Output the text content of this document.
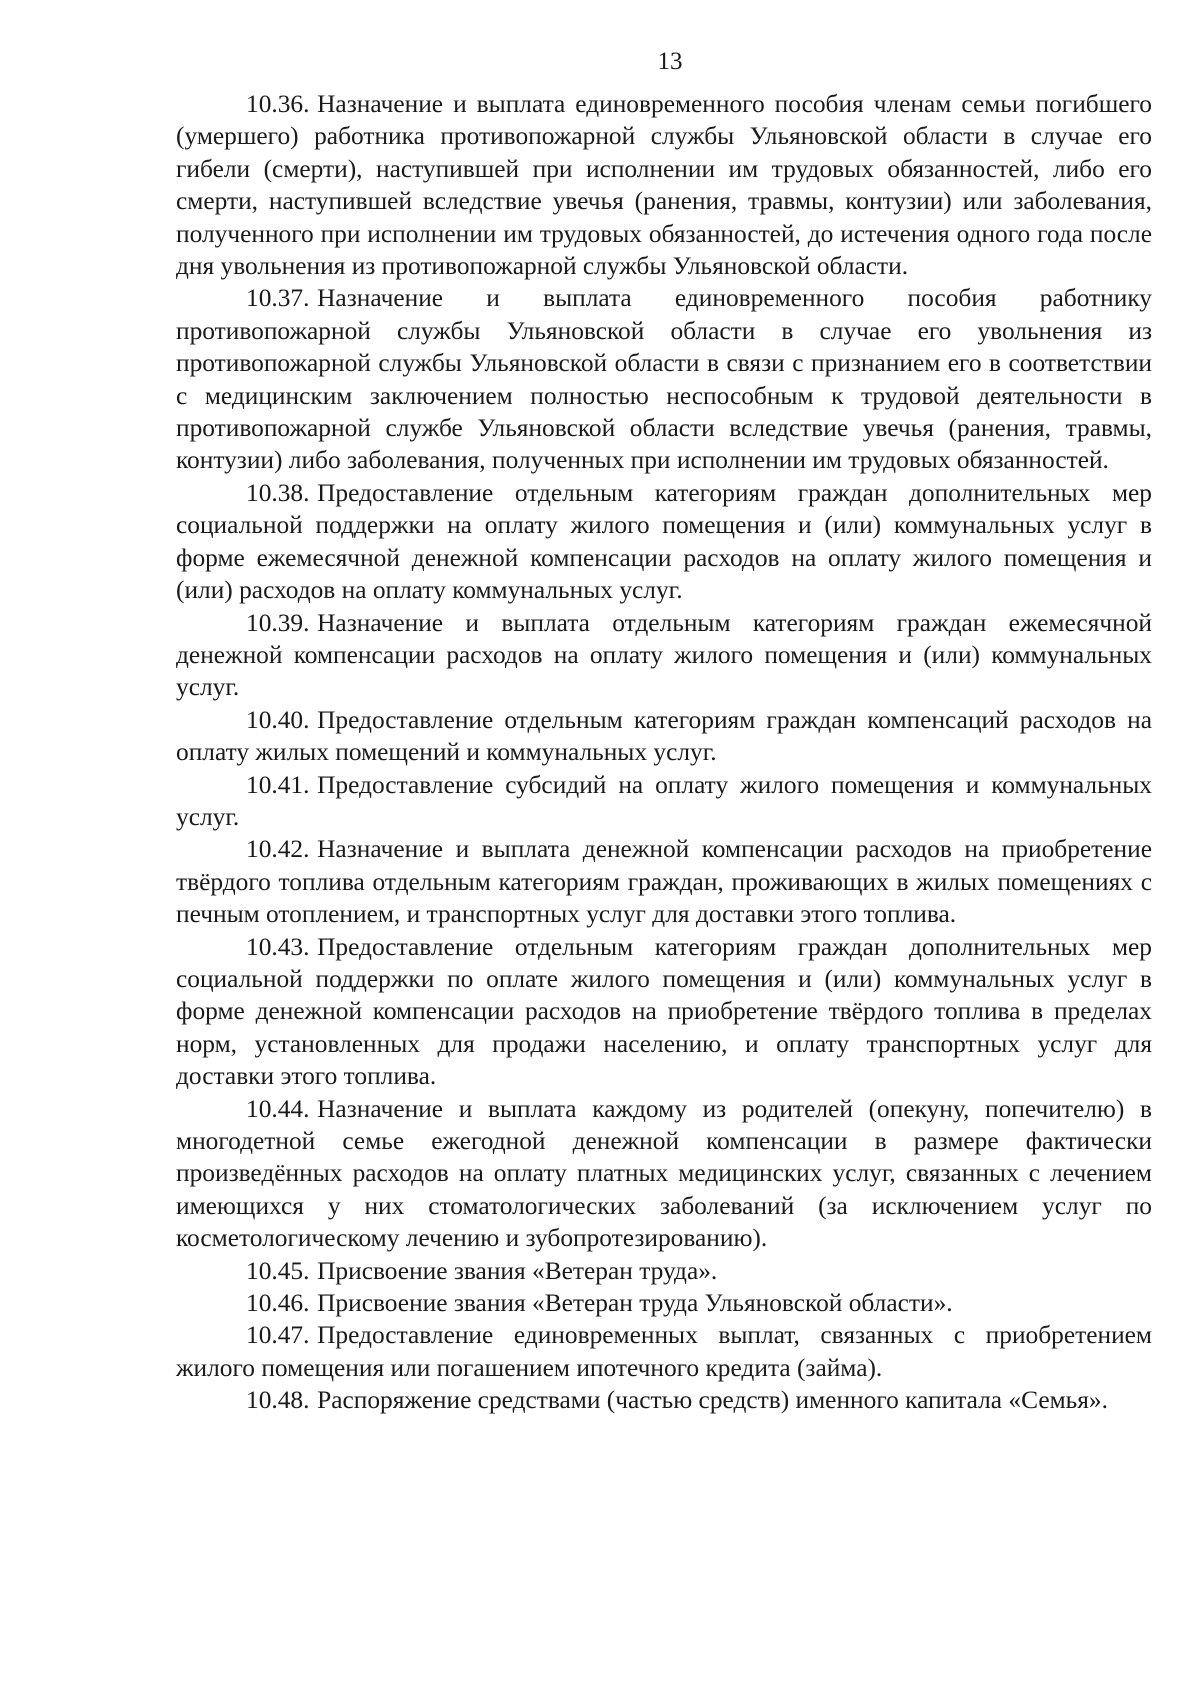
13

10.36. Назначение и выплата единовременного пособия членам семьи погибшего (умершего) работника противопожарной службы Ульяновской области в случае его гибели (смерти), наступившей при исполнении им трудовых обязанностей, либо его смерти, наступившей вследствие увечья (ранения, травмы, контузии) или заболевания, полученного при исполнении им трудовых обязанностей, до истечения одного года после дня увольнения из противопожарной службы Ульяновской области.

10.37. Назначение и выплата единовременного пособия работнику противопожарной службы Ульяновской области в случае его увольнения из противопожарной службы Ульяновской области в связи с признанием его в соответствии с медицинским заключением полностью неспособным к трудовой деятельности в противопожарной службе Ульяновской области вследствие увечья (ранения, травмы, контузии) либо заболевания, полученных при исполнении им трудовых обязанностей.

10.38. Предоставление отдельным категориям граждан дополнительных мер социальной поддержки на оплату жилого помещения и (или) коммунальных услуг в форме ежемесячной денежной компенсации расходов на оплату жилого помещения и (или) расходов на оплату коммунальных услуг.

10.39. Назначение и выплата отдельным категориям граждан ежемесячной денежной компенсации расходов на оплату жилого помещения и (или) коммунальных услуг.

10.40. Предоставление отдельным категориям граждан компенсаций расходов на оплату жилых помещений и коммунальных услуг.

10.41. Предоставление субсидий на оплату жилого помещения и коммунальных услуг.

10.42. Назначение и выплата денежной компенсации расходов на приобретение твёрдого топлива отдельным категориям граждан, проживающих в жилых помещениях с печным отоплением, и транспортных услуг для доставки этого топлива.

10.43. Предоставление отдельным категориям граждан дополнительных мер социальной поддержки по оплате жилого помещения и (или) коммунальных услуг в форме денежной компенсации расходов на приобретение твёрдого топлива в пределах норм, установленных для продажи населению, и оплату транспортных услуг для доставки этого топлива.

10.44. Назначение и выплата каждому из родителей (опекуну, попечителю) в многодетной семье ежегодной денежной компенсации в размере фактически произведённых расходов на оплату платных медицинских услуг, связанных с лечением имеющихся у них стоматологических заболеваний (за исключением услуг по косметологическому лечению и зубопротезированию).

10.45. Присвоение звания «Ветеран труда».

10.46. Присвоение звания «Ветеран труда Ульяновской области».

10.47. Предоставление единовременных выплат, связанных с приобретением жилого помещения или погашением ипотечного кредита (займа).

10.48. Распоряжение средствами (частью средств) именного капитала «Семья».
